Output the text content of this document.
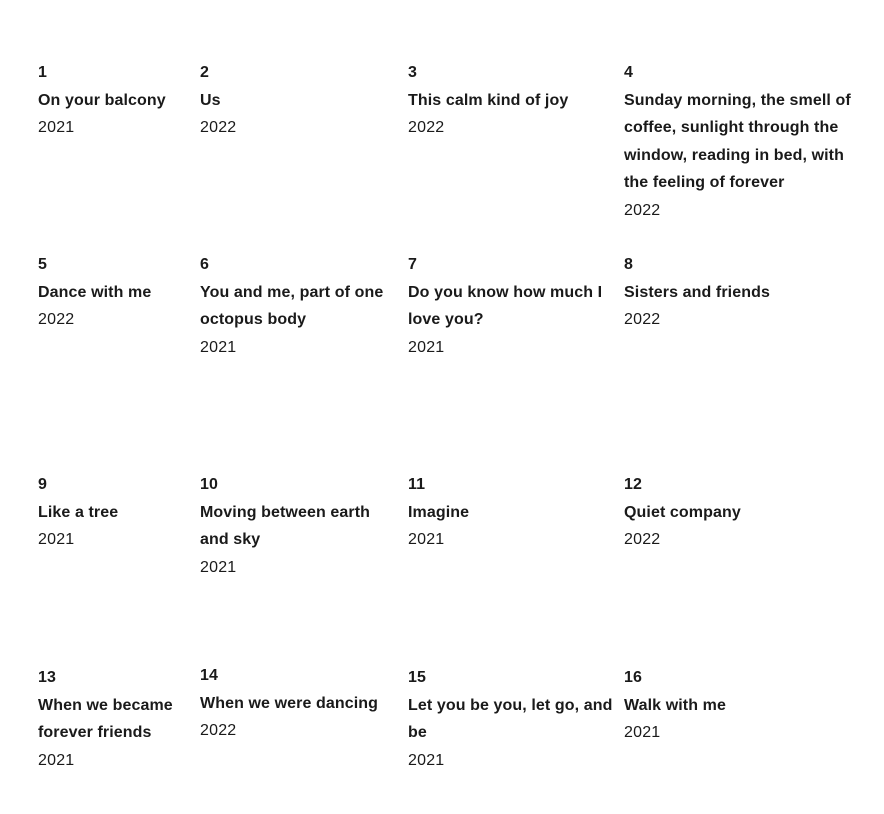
1
On your balcony
2021
2
Us
2022
3
This calm kind of joy
2022
4
Sunday morning, the smell of coffee, sunlight through the window, reading in bed, with the feeling of forever
2022
5
Dance with me
2022
6
You and me, part of one octopus body
2021
7
Do you know how much I love you?
2021
8
Sisters and friends
2022
9
Like a tree
2021
10
Moving between earth and sky
2021
11
Imagine
2021
12
Quiet company
2022
13
When we became forever friends
2021
14
When we were dancing
2022
15
Let you be you, let go, and be
2021
16
Walk with me
2021
